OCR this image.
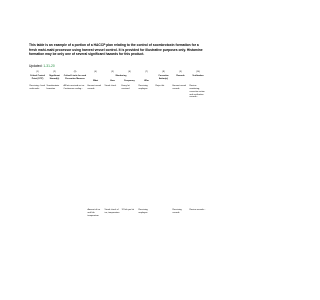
This table is an example of a portion of a HACCP plan relating to the control of scombrotoxin formation for a fresh mahi-mahi processor using harvest vessel control. It is provided for illustrative purposes only. Histamine formation may be only one of several significant hazards for this product.
Updated: 1-31-20
(1)	(2)	(3)	(4)	(5)	(6)	(7)	(8)	(9)	(10)
Critical Control Point (CCP)	Significant Hazard(s)	Critical Limits for each Preventive Measure	Monitoring				Corrective Action(s)	Records	Verification
			What	How	Frequency	Who			
Receiving - fresh mahi-mahi	Scombrotoxin formation	All lots received on ice. Continuous cooling...	Harvest vessel records	Visual check	Every lot received	Receiving employee	Reject lot	Harvest vessel records	Review monitoring, corrective action and verification records...
			Amount of ice and fish temperature	Visual check of ice; temperature	12 fish per lot	Receiving employee		Receiving records	Review records...
